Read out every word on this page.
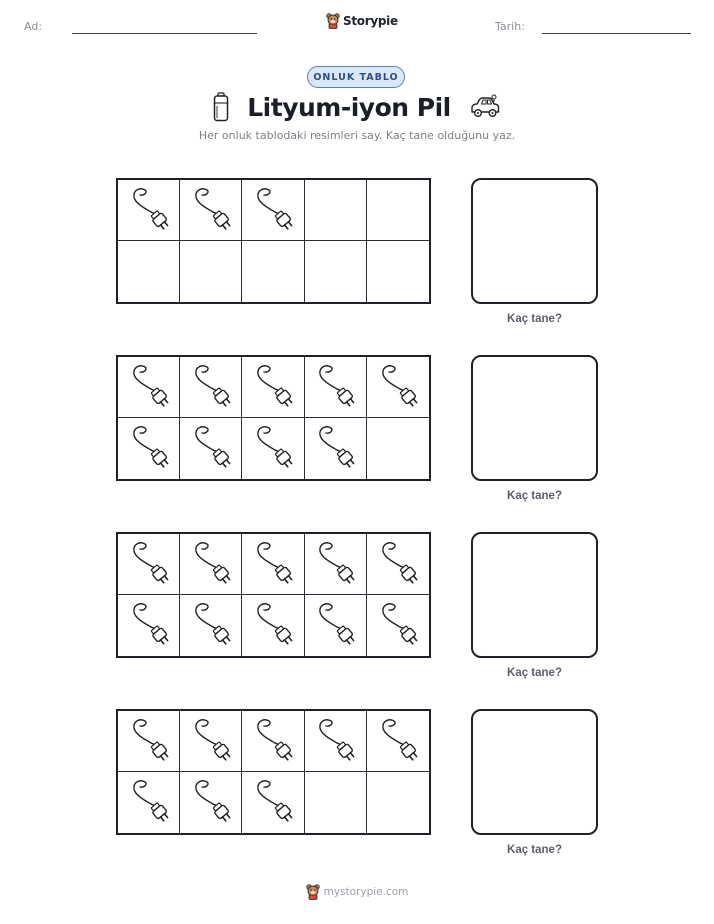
Ad:	Storypie	Tarih:
ONLUK TABLO
Lityum-iyon Pil
Her onluk tablodaki resimleri say. Kaç tane olduğunu yaz.
Kaç tane?
Kaç tane?
Kaç tane?
Kaç tane?
mystorypie.com
